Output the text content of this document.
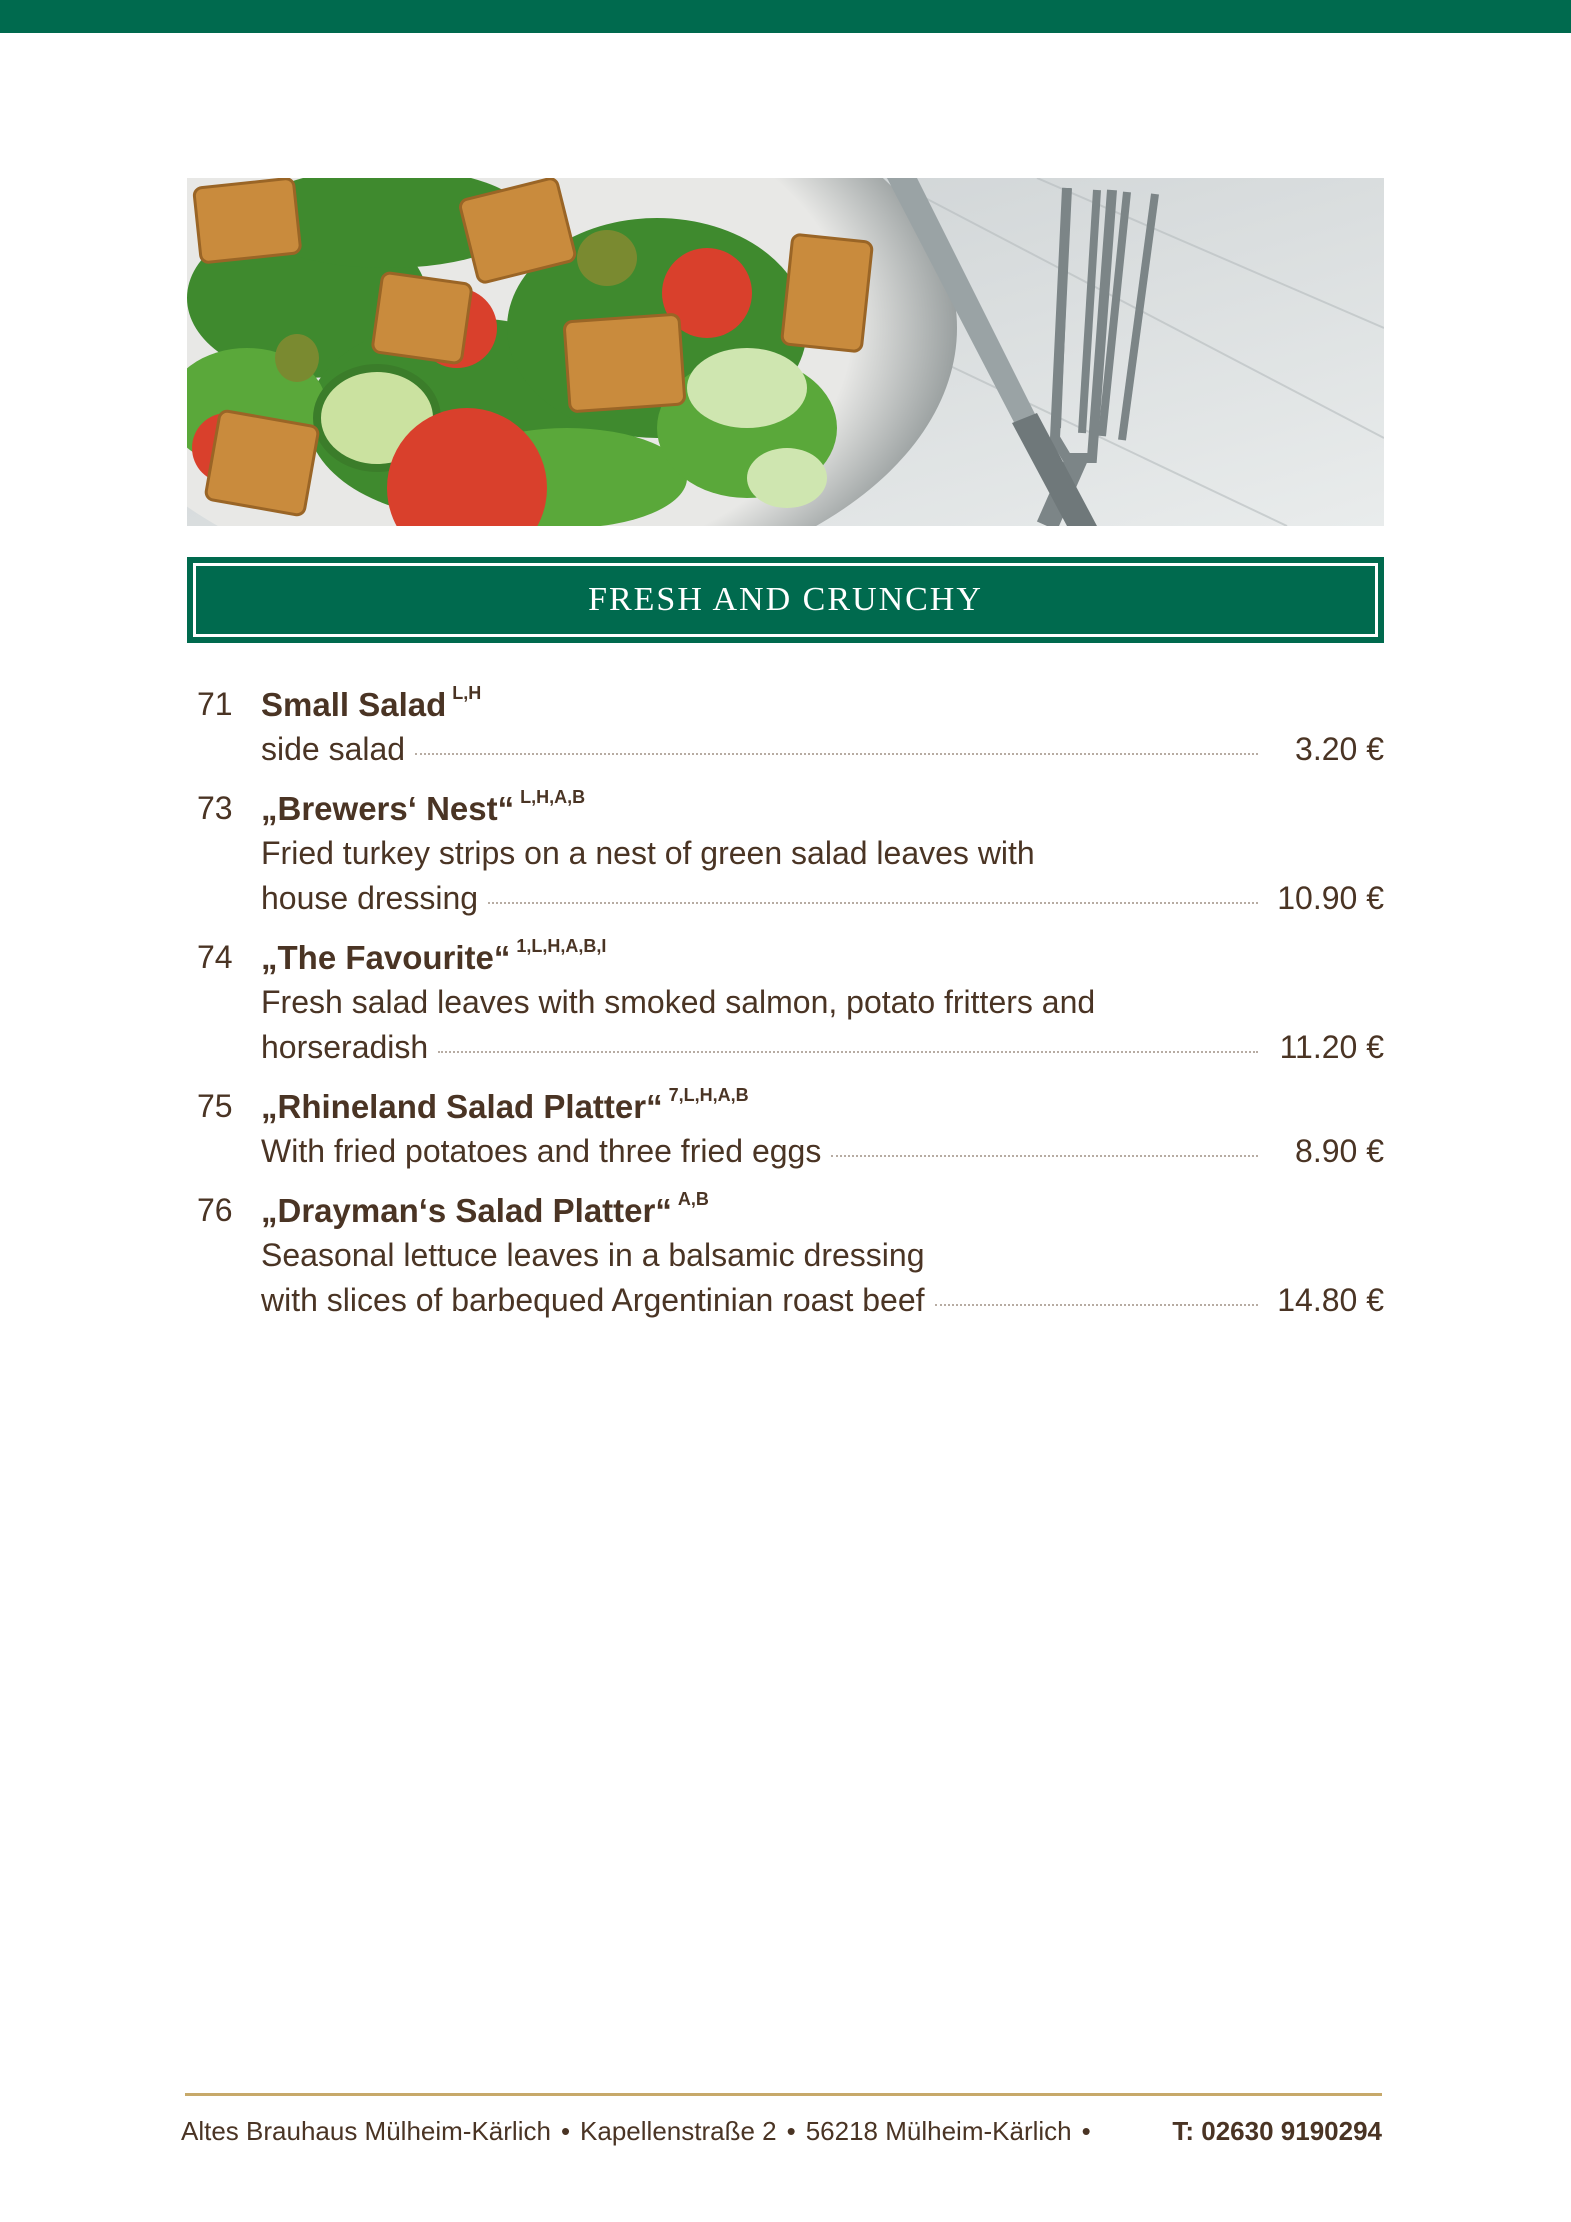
FRESH AND CRUNCHY
71 Small Salad $^{L,H}$
side salad	3.20 €
73 „Brewers‘ Nest“ $^{L,H,A,B}$
Fried turkey strips on a nest of green salad leaves with
house dressing	10.90 €
74 „The Favourite“ $^{1,L,H,A,B,I}$
Fresh salad leaves with smoked salmon, potato fritters and
horseradish	11.20 €
75 „Rhineland Salad Platter“ $^{7,L,H,A,B}$
With fried potatoes and three fried eggs	8.90 €
76 „Drayman‘s Salad Platter“ $^{A,B}$
Seasonal lettuce leaves in a balsamic dressing
with slices of barbequed Argentinian roast beef	14.80 €
Altes Brauhaus Mülheim-Kärlich • Kapellenstraße 2 • 56218 Mülheim-Kärlich •	T: 02630 9190294
